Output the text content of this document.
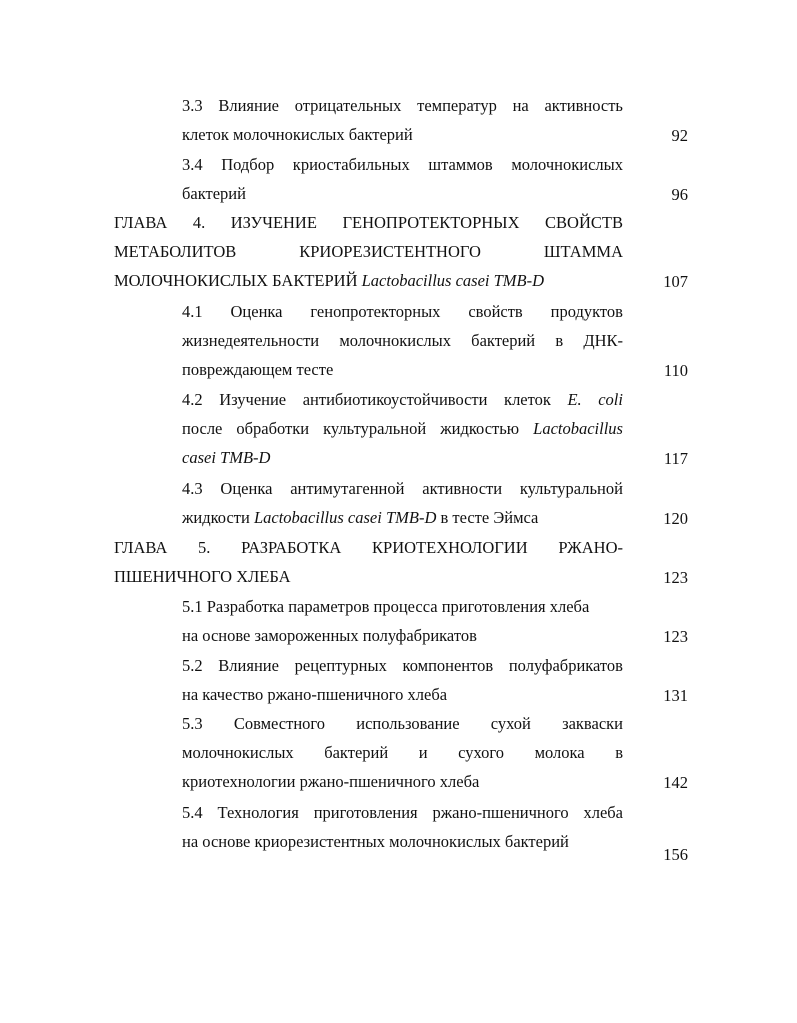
3.3 Влияние отрицательных температур на активность
клеток молочнокислых бактерий	92
3.4 Подбор криостабильных штаммов молочнокислых
бактерий	96
ГЛАВА 4. ИЗУЧЕНИЕ ГЕНОПРОТЕКТОРНЫХ СВОЙСТВ
МЕТАБОЛИТОВ	КРИОРЕЗИСТЕНТНОГО	ШТАММА
МОЛОЧНОКИСЛЫХ БАКТЕРИЙ Lactobacillus casei TMB-D	107
4.1 Оценка генопротекторных свойств продуктов
жизнедеятельности молочнокислых бактерий в ДНК-
повреждающем тесте	110
4.2 Изучение антибиотикоустойчивости клеток E. coli
после обработки культуральной жидкостью Lactobacillus
casei TMB-D	117
4.3 Оценка антимутагенной активности культуральной
жидкости Lactobacillus casei TMB-D в тесте Эймса	120
ГЛАВА 5. РАЗРАБОТКА КРИОТЕХНОЛОГИИ РЖАНО-
ПШЕНИЧНОГО ХЛЕБА	123
5.1 Разработка параметров процесса приготовления хлеба
на основе замороженных полуфабрикатов	123
5.2 Влияние рецептурных компонентов полуфабрикатов
на качество ржано-пшеничного хлеба	131
5.3 Совместного использование сухой закваски
молочнокислых бактерий и сухого молока в
криотехнологии ржано-пшеничного хлеба	142
5.4 Технология приготовления ржано-пшеничного хлеба
на основе криорезистентных молочнокислых бактерий
156
